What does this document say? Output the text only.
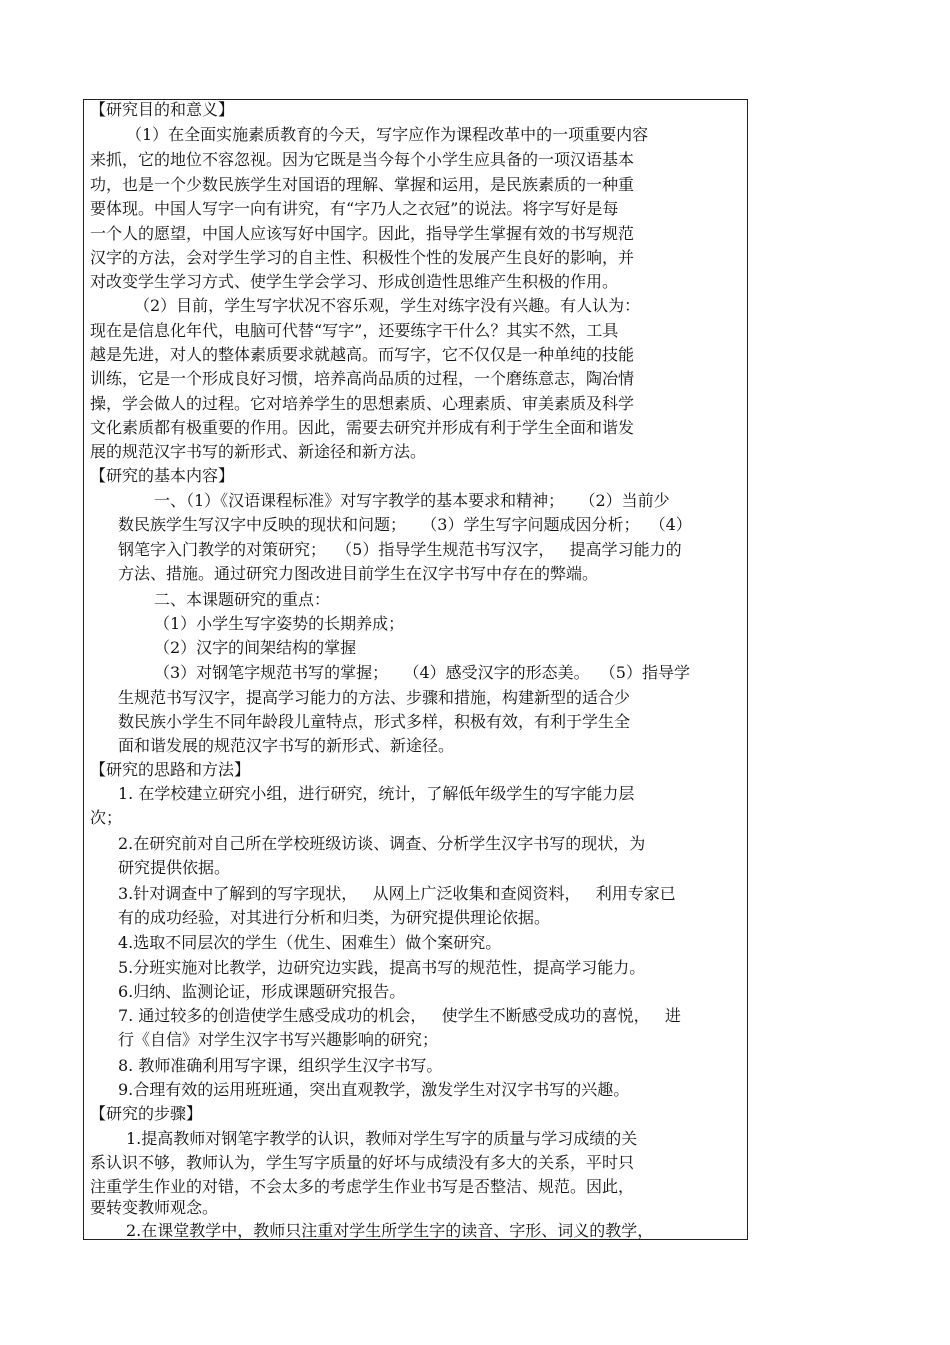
【研究目的和意义】
（1）在全面实施素质教育的今天，写字应作为课程改革中的一项重要内容
来抓，它的地位不容忽视。因为它既是当今每个小学生应具备的一项汉语基本
功，也是一个少数民族学生对国语的理解、掌握和运用，是民族素质的一种重
要体现。中国人写字一向有讲究，有“字乃人之衣冠”的说法。将字写好是每
一个人的愿望，中国人应该写好中国字。因此，指导学生掌握有效的书写规范
汉字的方法，会对学生学习的自主性、积极性个性的发展产生良好的影响，并
对改变学生学习方式、使学生学会学习、形成创造性思维产生积极的作用。
（2）目前，学生写字状况不容乐观，学生对练字没有兴趣。有人认为：
现在是信息化年代，电脑可代替“写字”，还要练字干什么？其实不然，工具
越是先进，对人的整体素质要求就越高。而写字，它不仅仅是一种单纯的技能
训练，它是一个形成良好习惯，培养高尚品质的过程，一个磨练意志，陶冶情
操，学会做人的过程。它对培养学生的思想素质、心理素质、审美素质及科学
文化素质都有极重要的作用。因此，需要去研究并形成有利于学生全面和谐发
展的规范汉字书写的新形式、新途径和新方法。
【研究的基本内容】
一、（1）《汉语课程标准》对写字教学的基本要求和精神；   （2）当前少
数民族学生写汉字中反映的现状和问题；   （3）学生写字问题成因分析；  （4）
钢笔字入门教学的对策研究；  （5）指导学生规范书写汉字，   提高学习能力的
方法、措施。通过研究力图改进目前学生在汉字书写中存在的弊端。
二、本课题研究的重点：
（1）小学生写字姿势的长期养成；
（2）汉字的间架结构的掌握
（3）对钢笔字规范书写的掌握；   （4）感受汉字的形态美。  （5）指导学
生规范书写汉字，提高学习能力的方法、步骤和措施，构建新型的适合少
数民族小学生不同年龄段儿童特点，形式多样，积极有效，有利于学生全
面和谐发展的规范汉字书写的新形式、新途径。
【研究的思路和方法】
1. 在学校建立研究小组，进行研究，统计，了解低年级学生的写字能力层
次；
2.在研究前对自己所在学校班级访谈、调查、分析学生汉字书写的现状，为
研究提供依据。
3.针对调查中了解到的写字现状，   从网上广泛收集和查阅资料，   利用专家已
有的成功经验，对其进行分析和归类，为研究提供理论依据。
4.选取不同层次的学生（优生、困难生）做个案研究。
5.分班实施对比教学，边研究边实践，提高书写的规范性，提高学习能力。
6.归纳、监测论证，形成课题研究报告。
7. 通过较多的创造使学生感受成功的机会，   使学生不断感受成功的喜悦，   进
行《自信》对学生汉字书写兴趣影响的研究；
8. 教师准确利用写字课，组织学生汉字书写。
9.合理有效的运用班班通，突出直观教学，激发学生对汉字书写的兴趣。
【研究的步骤】
1.提高教师对钢笔字教学的认识，教师对学生写字的质量与学习成绩的关
系认识不够，教师认为，学生写字质量的好坏与成绩没有多大的关系，平时只
注重学生作业的对错，不会太多的考虑学生作业书写是否整洁、规范。因此，
要转变教师观念。
2.在课堂教学中，教师只注重对学生所学生字的读音、字形、词义的教学，
